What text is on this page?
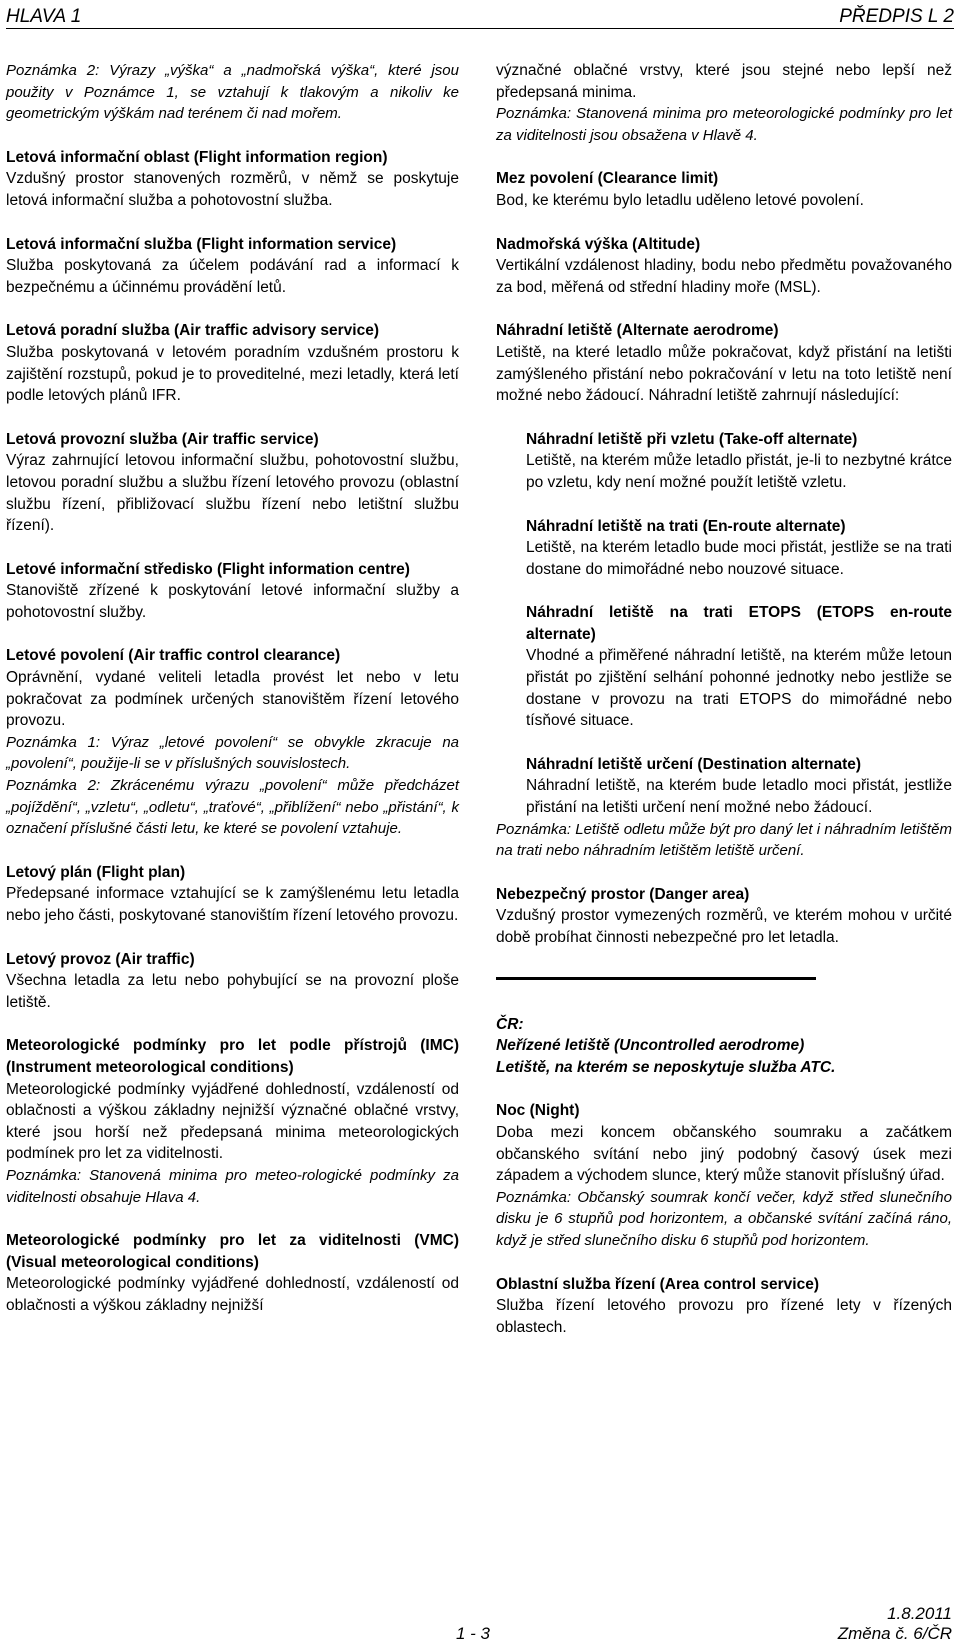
HLAVA 1	PŘEDPIS L 2

Poznámka 2: Výrazy „výška“ a „nadmořská výška“, které jsou použity v Poznámce 1, se vztahují k tlakovým a nikoliv ke geometrickým výškám nad terénem či nad mořem.

Letová informační oblast (Flight information region)

Vzdušný prostor stanovených rozměrů, v němž se poskytuje letová informační služba a pohotovostní služba.

Letová informační služba (Flight information service)

Služba poskytovaná za účelem podávání rad a informací k bezpečnému a účinnému provádění letů.

Letová poradní služba (Air traffic advisory service)

Služba poskytovaná v letovém poradním vzdušném prostoru k zajištění rozstupů, pokud je to proveditelné, mezi letadly, která letí podle letových plánů IFR.

Letová provozní služba (Air traffic service)

Výraz zahrnující letovou informační službu, pohotovostní službu, letovou poradní službu a službu řízení letového provozu (oblastní službu řízení, přibližovací službu řízení nebo letištní službu řízení).

Letové informační středisko (Flight information centre)

Stanoviště zřízené k poskytování letové informační služby a pohotovostní služby.

Letové povolení (Air traffic control clearance)

Oprávnění, vydané veliteli letadla provést let nebo v letu pokračovat za podmínek určených stanovištěm řízení letového provozu.

Poznámka 1: Výraz „letové povolení“ se obvykle zkracuje na „povolení“, použije-li se v příslušných souvislostech.

Poznámka 2: Zkrácenému výrazu „povolení“ může předcházet „pojíždění“, „vzletu“, „odletu“, „traťové“, „přiblížení“ nebo „přistání“, k označení příslušné části letu, ke které se povolení vztahuje.

Letový plán (Flight plan)

Předepsané informace vztahující se k zamýšlenému letu letadla nebo jeho části, poskytované stanovištím řízení letového provozu.

Letový provoz (Air traffic)

Všechna letadla za letu nebo pohybující se na provozní ploše letiště.

Meteorologické podmínky pro let podle přístrojů (IMC) (Instrument meteorological conditions)

Meteorologické podmínky vyjádřené dohledností, vzdáleností od oblačnosti a výškou základny nejnižší význačné oblačné vrstvy, které jsou horší než předepsaná minima meteorologických podmínek pro let za viditelnosti.

Poznámka: Stanovená minima pro meteo-rologické podmínky za viditelnosti obsahuje Hlava 4.

Meteorologické podmínky pro let za viditelnosti (VMC) (Visual meteorological conditions)

Meteorologické podmínky vyjádřené dohledností, vzdáleností od oblačnosti a výškou základny nejnižší

význačné oblačné vrstvy, které jsou stejné nebo lepší než předepsaná minima.

Poznámka: Stanovená minima pro meteorologické podmínky pro let za viditelnosti jsou obsažena v Hlavě 4.

Mez povolení (Clearance limit)

Bod, ke kterému bylo letadlu uděleno letové povolení.

Nadmořská výška (Altitude)

Vertikální vzdálenost hladiny, bodu nebo předmětu považovaného za bod, měřená od střední hladiny moře (MSL).

Náhradní letiště (Alternate aerodrome)

Letiště, na které letadlo může pokračovat, když přistání na letišti zamýšleného přistání nebo pokračování v letu na toto letiště není možné nebo žádoucí. Náhradní letiště zahrnují následující:

Náhradní letiště při vzletu (Take-off alternate)

Letiště, na kterém může letadlo přistát, je-li to nezbytné krátce po vzletu, kdy není možné použít letiště vzletu.

Náhradní letiště na trati (En-route alternate)

Letiště, na kterém letadlo bude moci přistát, jestliže se na trati dostane do mimořádné nebo nouzové situace.

Náhradní letiště na trati ETOPS (ETOPS en-route alternate)

Vhodné a přiměřené náhradní letiště, na kterém může letoun přistát po zjištění selhání pohonné jednotky nebo jestliže se dostane v provozu na trati ETOPS do mimořádné nebo tísňové situace.

Náhradní letiště určení (Destination alternate)

Náhradní letiště, na kterém bude letadlo moci přistát, jestliže přistání na letišti určení není možné nebo žádoucí.

Poznámka: Letiště odletu může být pro daný let i náhradním letištěm na trati nebo náhradním letištěm letiště určení.

Nebezpečný prostor (Danger area)

Vzdušný prostor vymezených rozměrů, ve kterém mohou v určité době probíhat činnosti nebezpečné pro let letadla.

ČR:

Neřízené letiště (Uncontrolled aerodrome)

Letiště, na kterém se neposkytuje služba ATC.

Noc (Night)

Doba mezi koncem občanského soumraku a začátkem občanského svítání nebo jiný podobný časový úsek mezi západem a východem slunce, který může stanovit příslušný úřad.

Poznámka: Občanský soumrak končí večer, když střed slunečního disku je 6 stupňů pod horizontem, a občanské svítání začíná ráno, když je střed slunečního disku 6 stupňů pod horizontem.

Oblastní služba řízení (Area control service)

Služba řízení letového provozu pro řízené lety v řízených oblastech.

1.8.2011
1 - 3	Změna č. 6/ČR
